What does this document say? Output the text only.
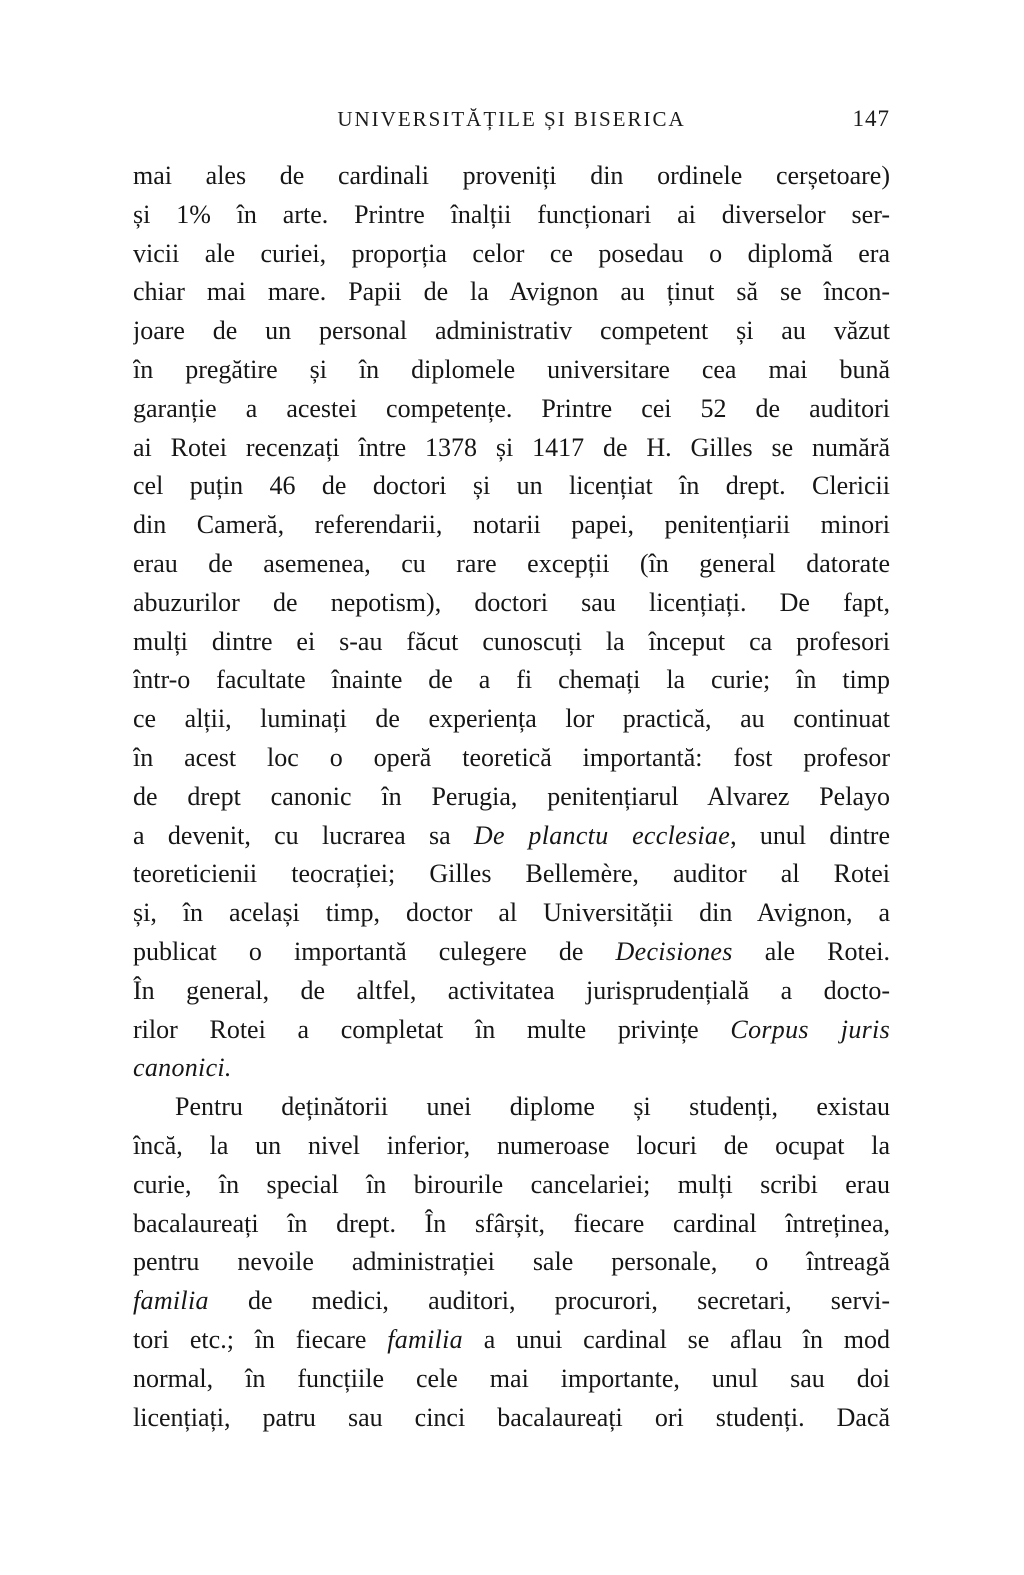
UNIVERSITĂȚILE ȘI BISERICA	147
mai ales de cardinali proveniți din ordinele cerșetoare)
și 1% în arte. Printre înalții funcționari ai diverselor ser-
vicii ale curiei, proporția celor ce posedau o diplomă era
chiar mai mare. Papii de la Avignon au ținut să se încon-
joare de un personal administrativ competent și au văzut
în pregătire și în diplomele universitare cea mai bună
garanție a acestei competențe. Printre cei 52 de auditori
ai Rotei recenzați între 1378 și 1417 de H. Gilles se numără
cel puțin 46 de doctori și un licențiat în drept. Clericii
din Cameră, referendarii, notarii papei, penitențiarii minori
erau de asemenea, cu rare excepții (în general datorate
abuzurilor de nepotism), doctori sau licențiați. De fapt,
mulți dintre ei s-au făcut cunoscuți la început ca profesori
într-o facultate înainte de a fi chemați la curie; în timp
ce alții, luminați de experiența lor practică, au continuat
în acest loc o operă teoretică importantă: fost profesor
de drept canonic în Perugia, penitențiarul Alvarez Pelayo
a devenit, cu lucrarea sa De planctu ecclesiae, unul dintre
teoreticienii teocrației; Gilles Bellemère, auditor al Rotei
și, în același timp, doctor al Universității din Avignon, a
publicat o importantă culegere de Decisiones ale Rotei.
În general, de altfel, activitatea jurisprudențială a docto-
rilor Rotei a completat în multe privințe Corpus juris
canonici.
Pentru deținătorii unei diplome și studenți, existau
încă, la un nivel inferior, numeroase locuri de ocupat la
curie, în special în birourile cancelariei; mulți scribi erau
bacalaureați în drept. În sfârșit, fiecare cardinal întreținea,
pentru nevoile administrației sale personale, o întreagă
familia de medici, auditori, procurori, secretari, servi-
tori etc.; în fiecare familia a unui cardinal se aflau în mod
normal, în funcțiile cele mai importante, unul sau doi
licențiați, patru sau cinci bacalaureați ori studenți. Dacă
